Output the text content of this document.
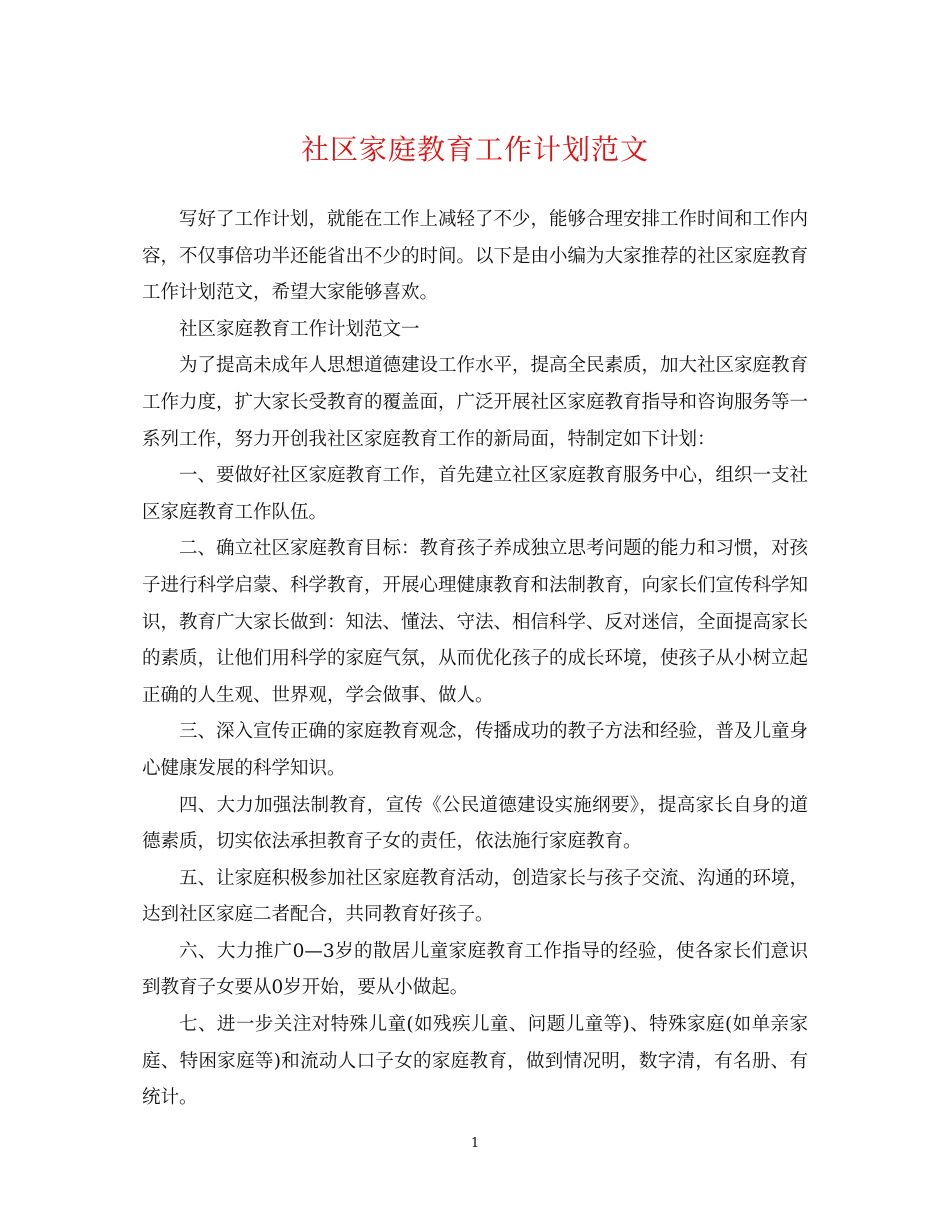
社区家庭教育工作计划范文

写好了工作计划，就能在工作上减轻了不少，能够合理安排工作时间和工作内容，不仅事倍功半还能省出不少的时间。以下是由小编为大家推荐的社区家庭教育工作计划范文，希望大家能够喜欢。

社区家庭教育工作计划范文一

为了提高未成年人思想道德建设工作水平，提高全民素质，加大社区家庭教育工作力度，扩大家长受教育的覆盖面，广泛开展社区家庭教育指导和咨询服务等一系列工作，努力开创我社区家庭教育工作的新局面，特制定如下计划：

一、要做好社区家庭教育工作，首先建立社区家庭教育服务中心，组织一支社区家庭教育工作队伍。

二、确立社区家庭教育目标：教育孩子养成独立思考问题的能力和习惯，对孩子进行科学启蒙、科学教育，开展心理健康教育和法制教育，向家长们宣传科学知识，教育广大家长做到：知法、懂法、守法、相信科学、反对迷信，全面提高家长的素质，让他们用科学的家庭气氛，从而优化孩子的成长环境，使孩子从小树立起正确的人生观、世界观，学会做事、做人。

三、深入宣传正确的家庭教育观念，传播成功的教子方法和经验，普及儿童身心健康发展的科学知识。

四、大力加强法制教育，宣传《公民道德建设实施纲要》，提高家长自身的道德素质，切实依法承担教育子女的责任，依法施行家庭教育。

五、让家庭积极参加社区家庭教育活动，创造家长与孩子交流、沟通的环境，达到社区家庭二者配合，共同教育好孩子。

六、大力推广0—3岁的散居儿童家庭教育工作指导的经验，使各家长们意识到教育子女要从0岁开始，要从小做起。

七、进一步关注对特殊儿童(如残疾儿童、问题儿童等)、特殊家庭(如单亲家庭、特困家庭等)和流动人口子女的家庭教育，做到情况明，数字清，有名册、有统计。

1
